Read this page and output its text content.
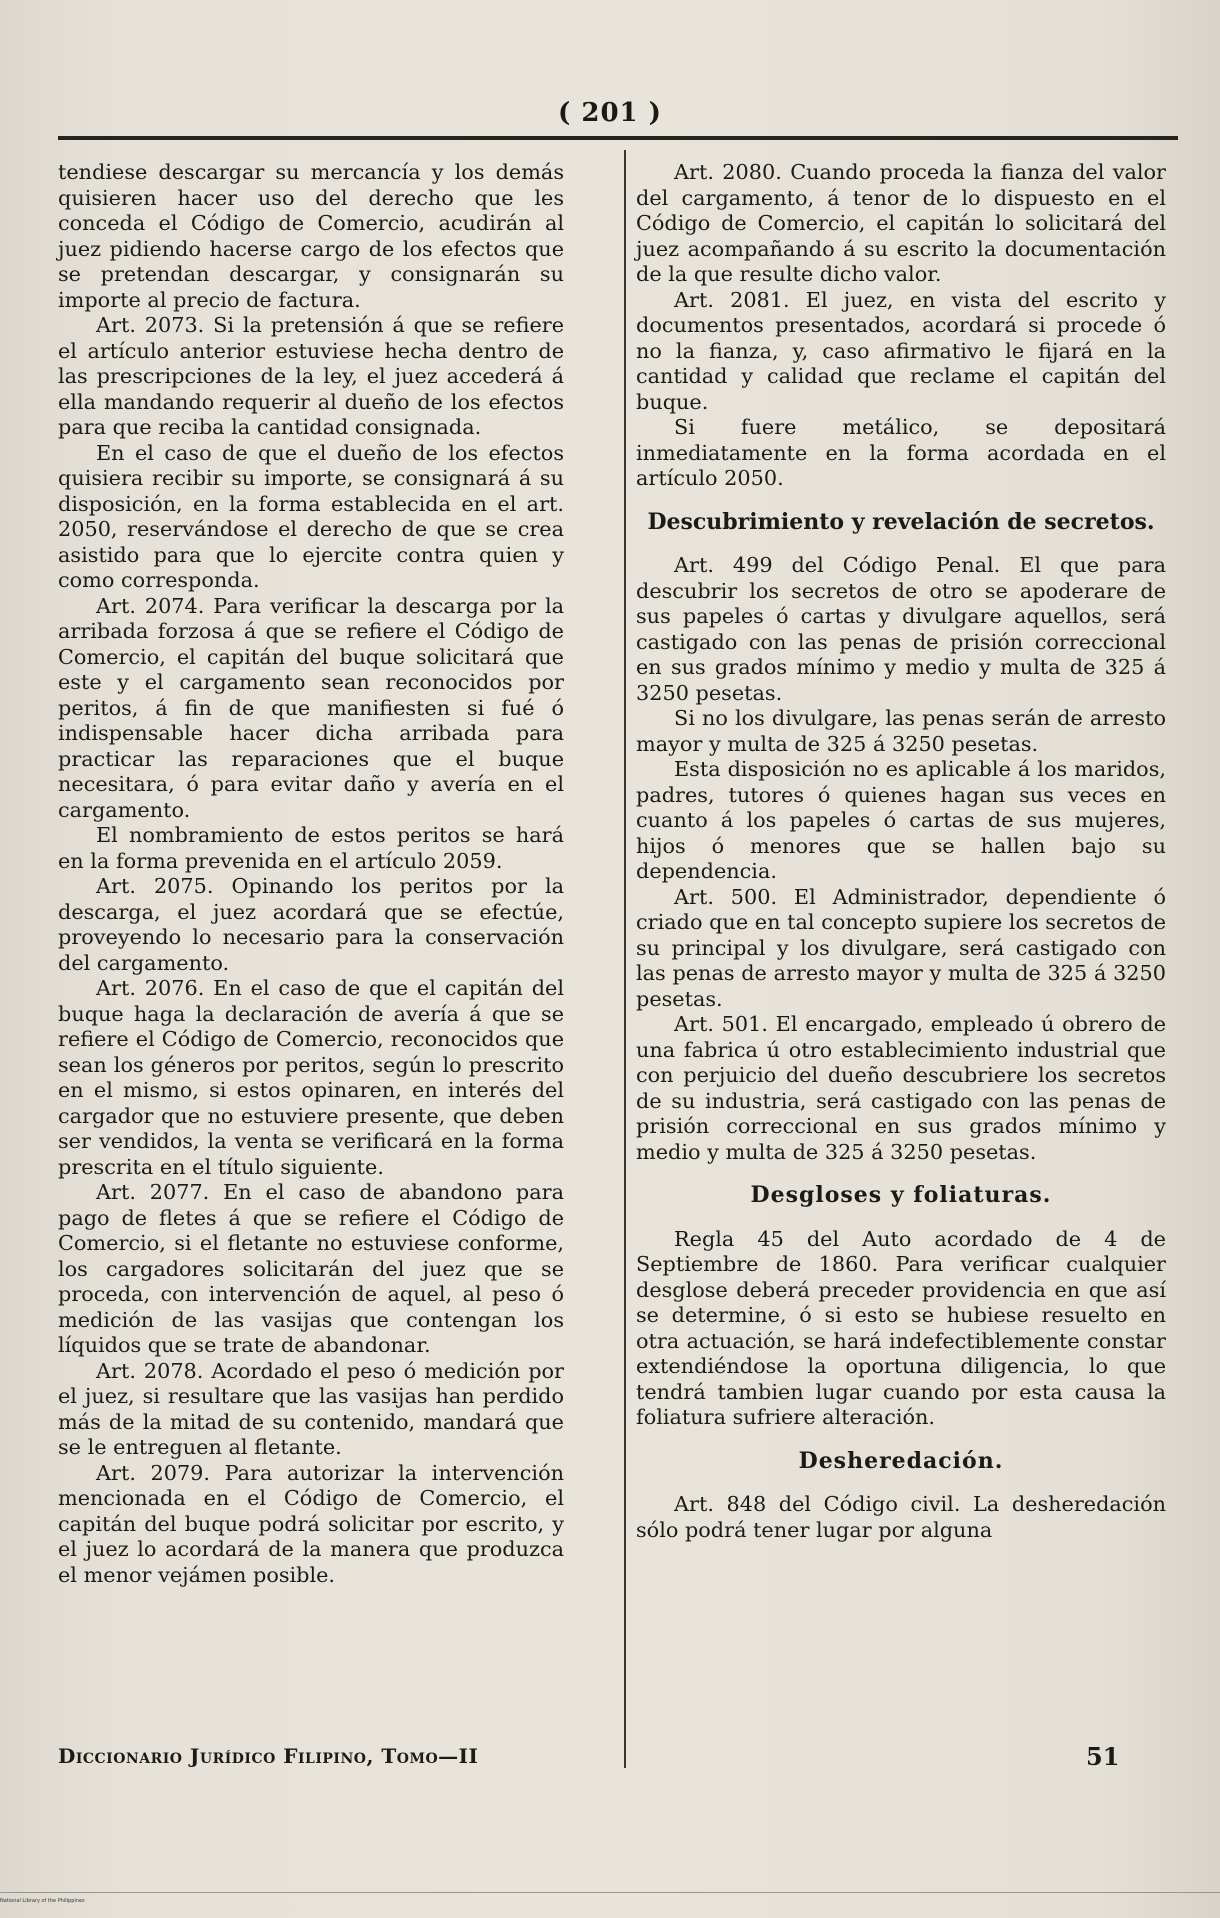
( 201 )

tendiese descargar su mercancía y los demás quisieren hacer uso del derecho que les conceda el Código de Comercio, acudirán al juez pidiendo hacerse cargo de los efectos que se pretendan descargar, y consignarán su importe al precio de factura.

Art. 2073. Si la pretensión á que se refiere el artículo anterior estuviese hecha dentro de las prescripciones de la ley, el juez accederá á ella mandando requerir al dueño de los efectos para que reciba la cantidad consignada.

En el caso de que el dueño de los efectos quisiera recibir su importe, se consignará á su disposición, en la forma establecida en el art. 2050, reservándose el derecho de que se crea asistido para que lo ejercite contra quien y como corresponda.

Art. 2074. Para verificar la descarga por la arribada forzosa á que se refiere el Código de Comercio, el capitán del buque solicitará que este y el cargamento sean reconocidos por peritos, á fin de que manifiesten si fué ó indispensable hacer dicha arribada para practicar las reparaciones que el buque necesitara, ó para evitar daño y avería en el cargamento.

El nombramiento de estos peritos se hará en la forma prevenida en el artículo 2059.

Art. 2075. Opinando los peritos por la descarga, el juez acordará que se efectúe, proveyendo lo necesario para la conservación del cargamento.

Art. 2076. En el caso de que el capitán del buque haga la declaración de avería á que se refiere el Código de Comercio, reconocidos que sean los géneros por peritos, según lo prescrito en el mismo, si estos opinaren, en interés del cargador que no estuviere presente, que deben ser vendidos, la venta se verificará en la forma prescrita en el título siguiente.

Art. 2077. En el caso de abandono para pago de fletes á que se refiere el Código de Comercio, si el fletante no estuviese conforme, los cargadores solicitarán del juez que se proceda, con intervención de aquel, al peso ó medición de las vasijas que contengan los líquidos que se trate de abandonar.

Art. 2078. Acordado el peso ó medición por el juez, si resultare que las vasijas han perdido más de la mitad de su contenido, mandará que se le entreguen al fletante.

Art. 2079. Para autorizar la intervención mencionada en el Código de Comercio, el capitán del buque podrá solicitar por escrito, y el juez lo acordará de la manera que produzca el menor vejámen posible.

Art. 2080. Cuando proceda la fianza del valor del cargamento, á tenor de lo dispuesto en el Código de Comercio, el capitán lo solicitará del juez acompañando á su escrito la documentación de la que resulte dicho valor.

Art. 2081. El juez, en vista del escrito y documentos presentados, acordará si procede ó no la fianza, y, caso afirmativo le fijará en la cantidad y calidad que reclame el capitán del buque.

Si fuere metálico, se depositará inmediatamente en la forma acordada en el artículo 2050.

Descubrimiento y revelación de secretos.

Art. 499 del Código Penal. El que para descubrir los secretos de otro se apoderare de sus papeles ó cartas y divulgare aquellos, será castigado con las penas de prisión correccional en sus grados mínimo y medio y multa de 325 á 3250 pesetas.

Si no los divulgare, las penas serán de arresto mayor y multa de 325 á 3250 pesetas.

Esta disposición no es aplicable á los maridos, padres, tutores ó quienes hagan sus veces en cuanto á los papeles ó cartas de sus mujeres, hijos ó menores que se hallen bajo su dependencia.

Art. 500. El Administrador, dependiente ó criado que en tal concepto supiere los secretos de su principal y los divulgare, será castigado con las penas de arresto mayor y multa de 325 á 3250 pesetas.

Art. 501. El encargado, empleado ú obrero de una fabrica ú otro establecimiento industrial que con perjuicio del dueño descubriere los secretos de su industria, será castigado con las penas de prisión correccional en sus grados mínimo y medio y multa de 325 á 3250 pesetas.

Desgloses y foliaturas.

Regla 45 del Auto acordado de 4 de Septiembre de 1860. Para verificar cualquier desglose deberá preceder providencia en que así se determine, ó si esto se hubiese resuelto en otra actuación, se hará indefectiblemente constar extendiéndose la oportuna diligencia, lo que tendrá tambien lugar cuando por esta causa la foliatura sufriere alteración.

Desheredación.

Art. 848 del Código civil. La desheredación sólo podrá tener lugar por alguna

Diccionario Jurídico Filipino, Tomo—II	51
National Library of the Philippines
